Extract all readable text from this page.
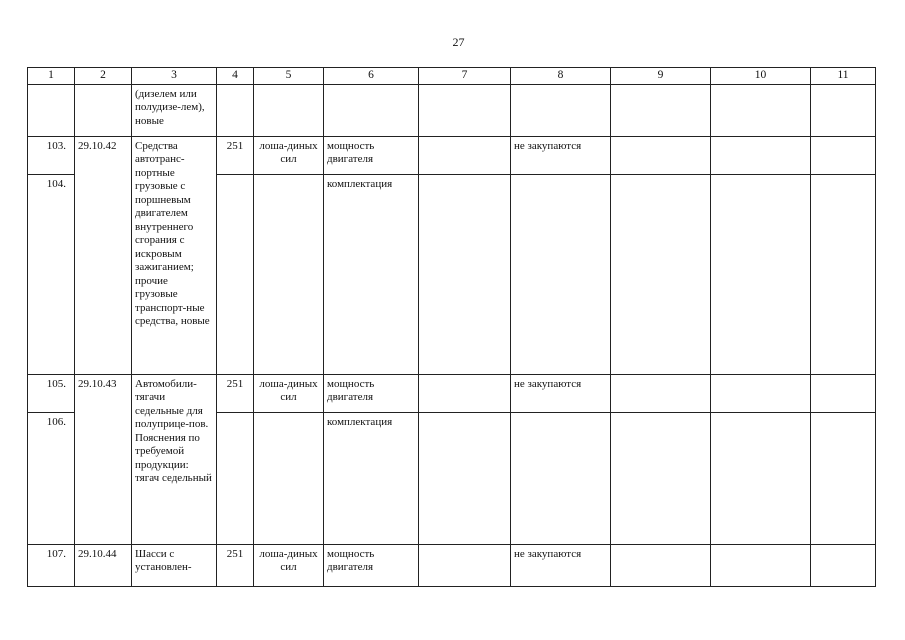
27
1	2	3	4	5	6	7	8	9	10	11
		(дизелем или полудизе-лем), новые								
103.	29.10.42	Средства автотранс-портные грузовые с поршневым двигателем внутреннего сгорания с искровым зажиганием; прочие грузовые транспорт-ные средства, новые	251	лоша-диных сил	мощность двигателя		не закупаются			
104.					комплектация					
105.	29.10.43	Автомобили-тягачи седельные для полуприце-пов. Пояснения по требуемой продукции: тягач седельный	251	лоша-диных сил	мощность двигателя		не закупаются			
106.					комплектация					
107.	29.10.44	Шасси с установлен-	251	лоша-диных сил	мощность двигателя		не закупаются			
